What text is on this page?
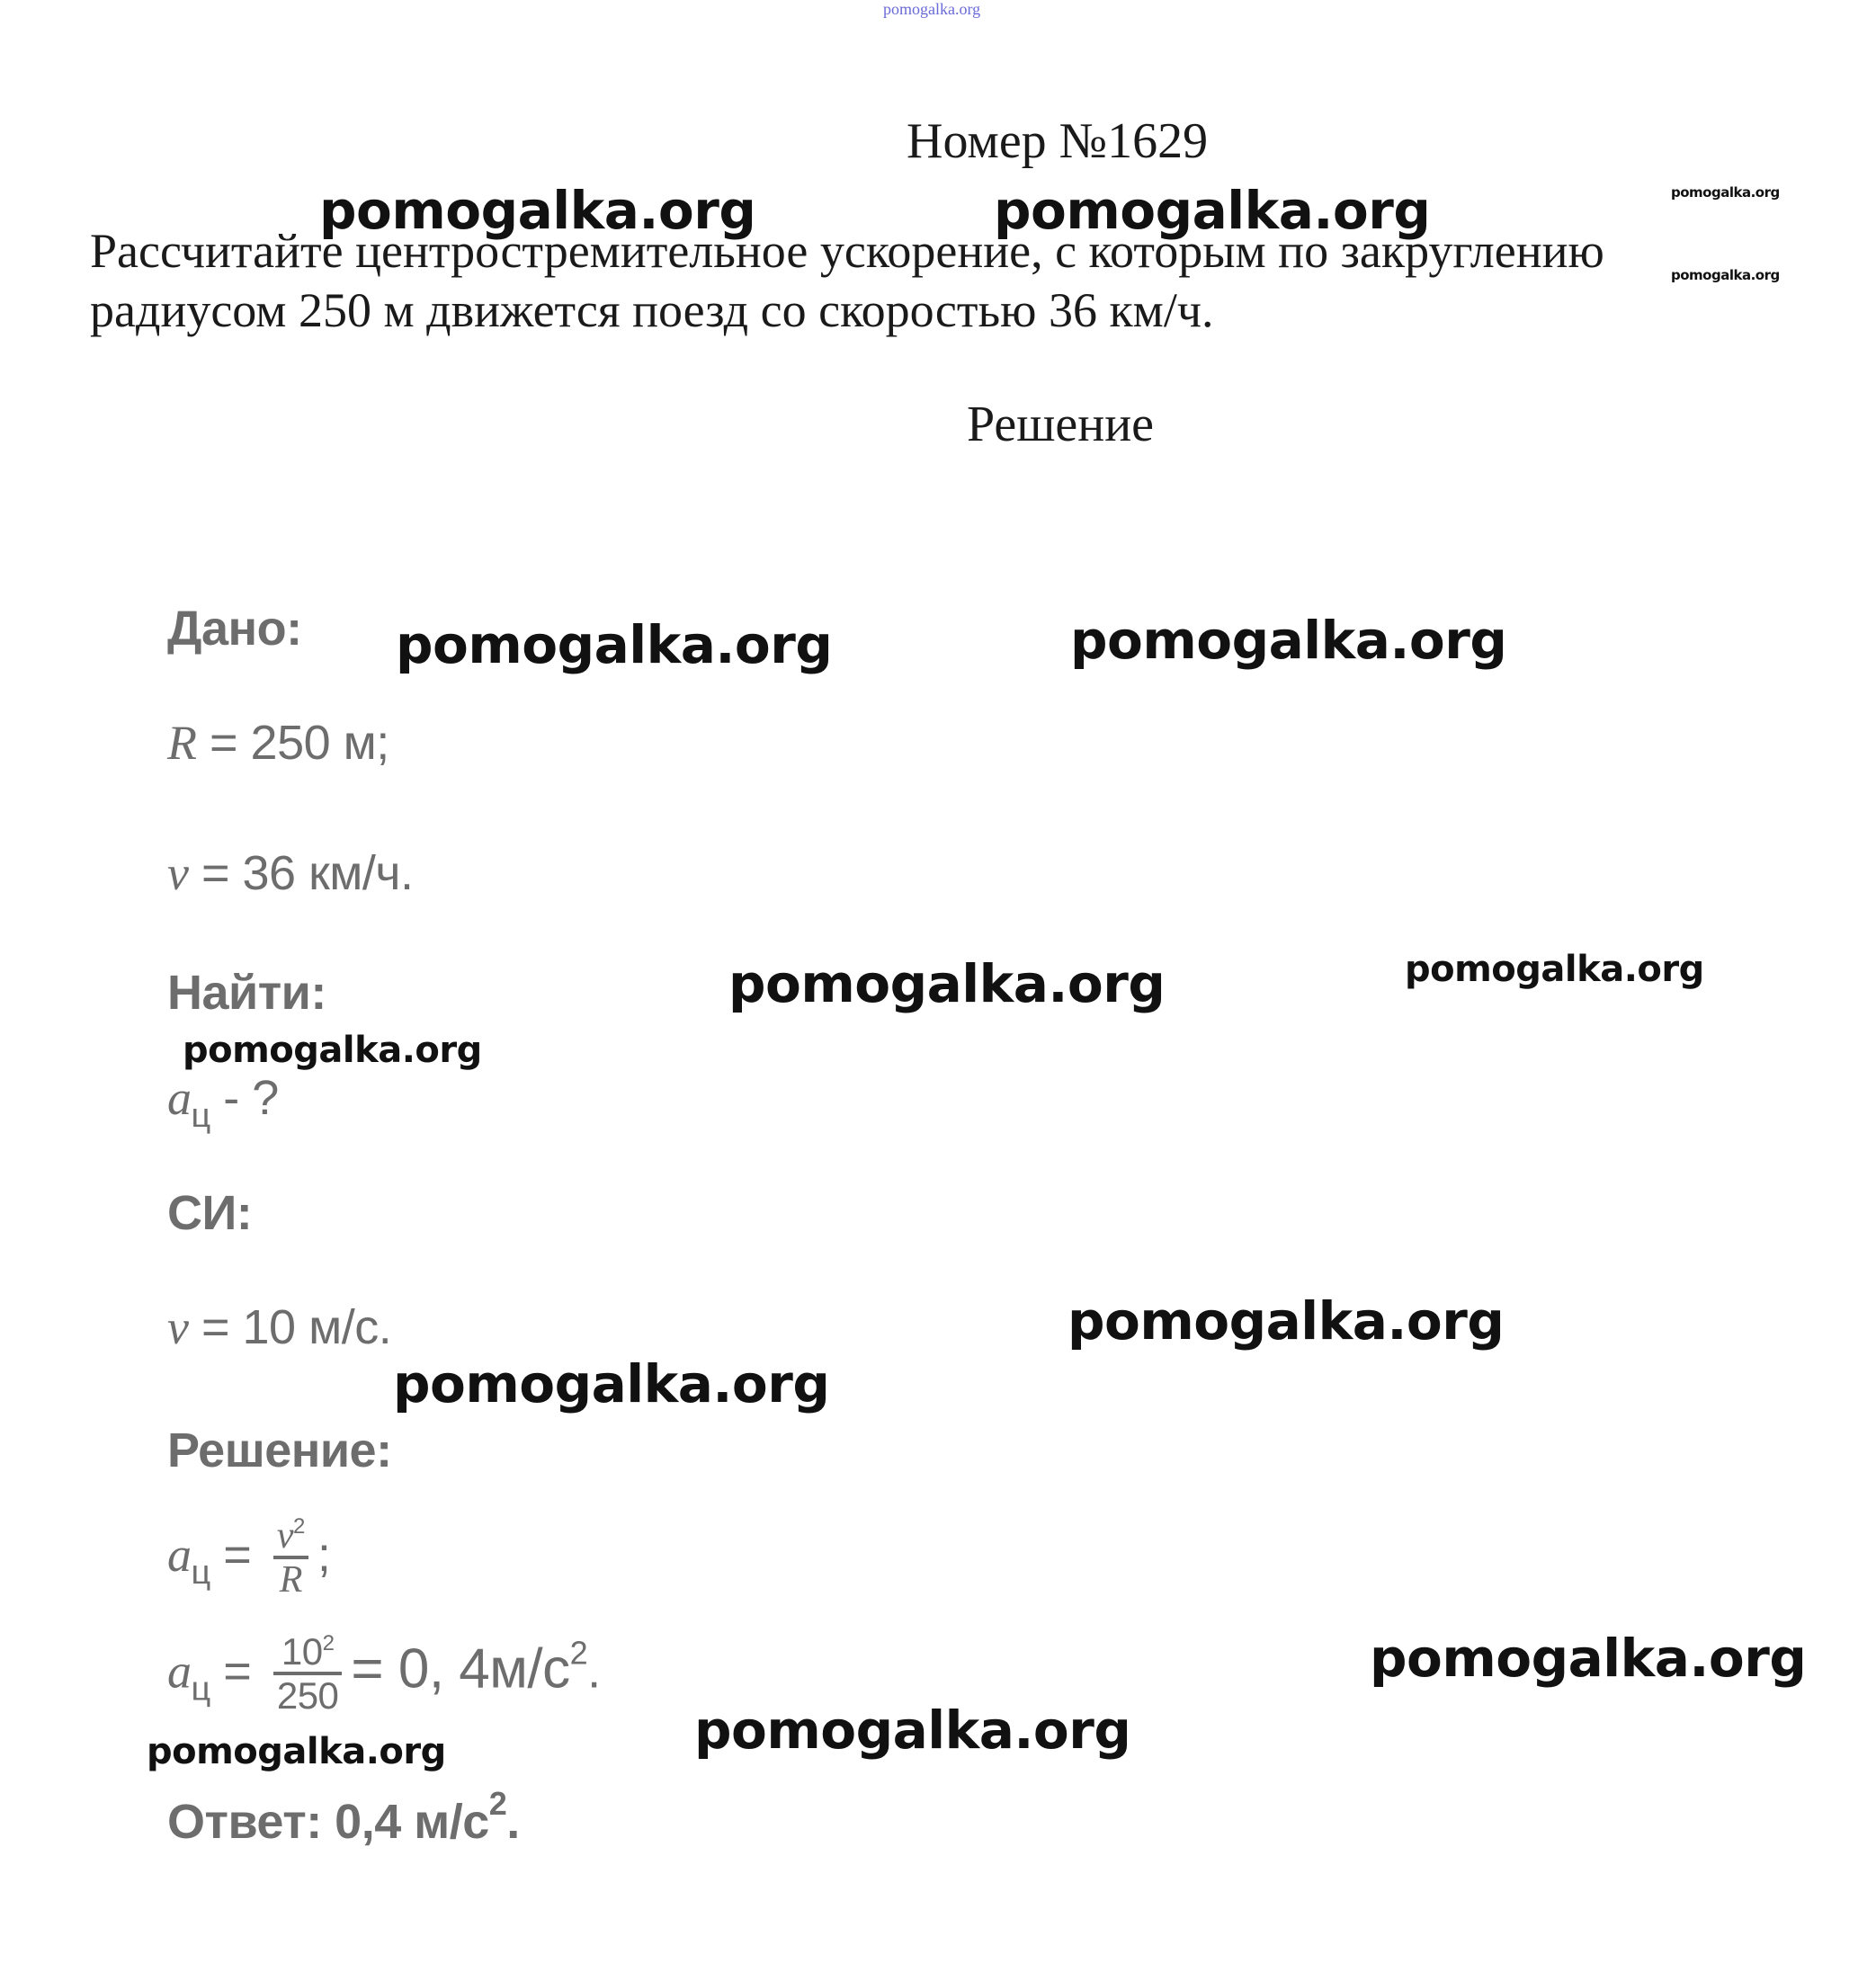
pomogalka.org
Номер №1629
Рассчитайте центростремительное ускорение, с которым по закруглению
радиусом 250 м движется поезд со скоростью 36 км/ч.
Решение
Дано:
R = 250 м;
v = 36 км/ч.
Найти:
$a_ц$ - ?
СИ:
v = 10 м/с.
Решение:
$a_ц = \frac{v^2}{R}$ ;
$a_ц = \frac{10^2}{250} = 0$, $4м/с^2$.
Ответ: 0,4 $м/с^2$.
pomogalka.org	pomogalka.org	pomogalka.org
pomogalka.org
pomogalka.org	pomogalka.org
pomogalka.org	pomogalka.org
pomogalka.org
pomogalka.org
pomogalka.org
pomogalka.org
pomogalka.org
pomogalka.org
